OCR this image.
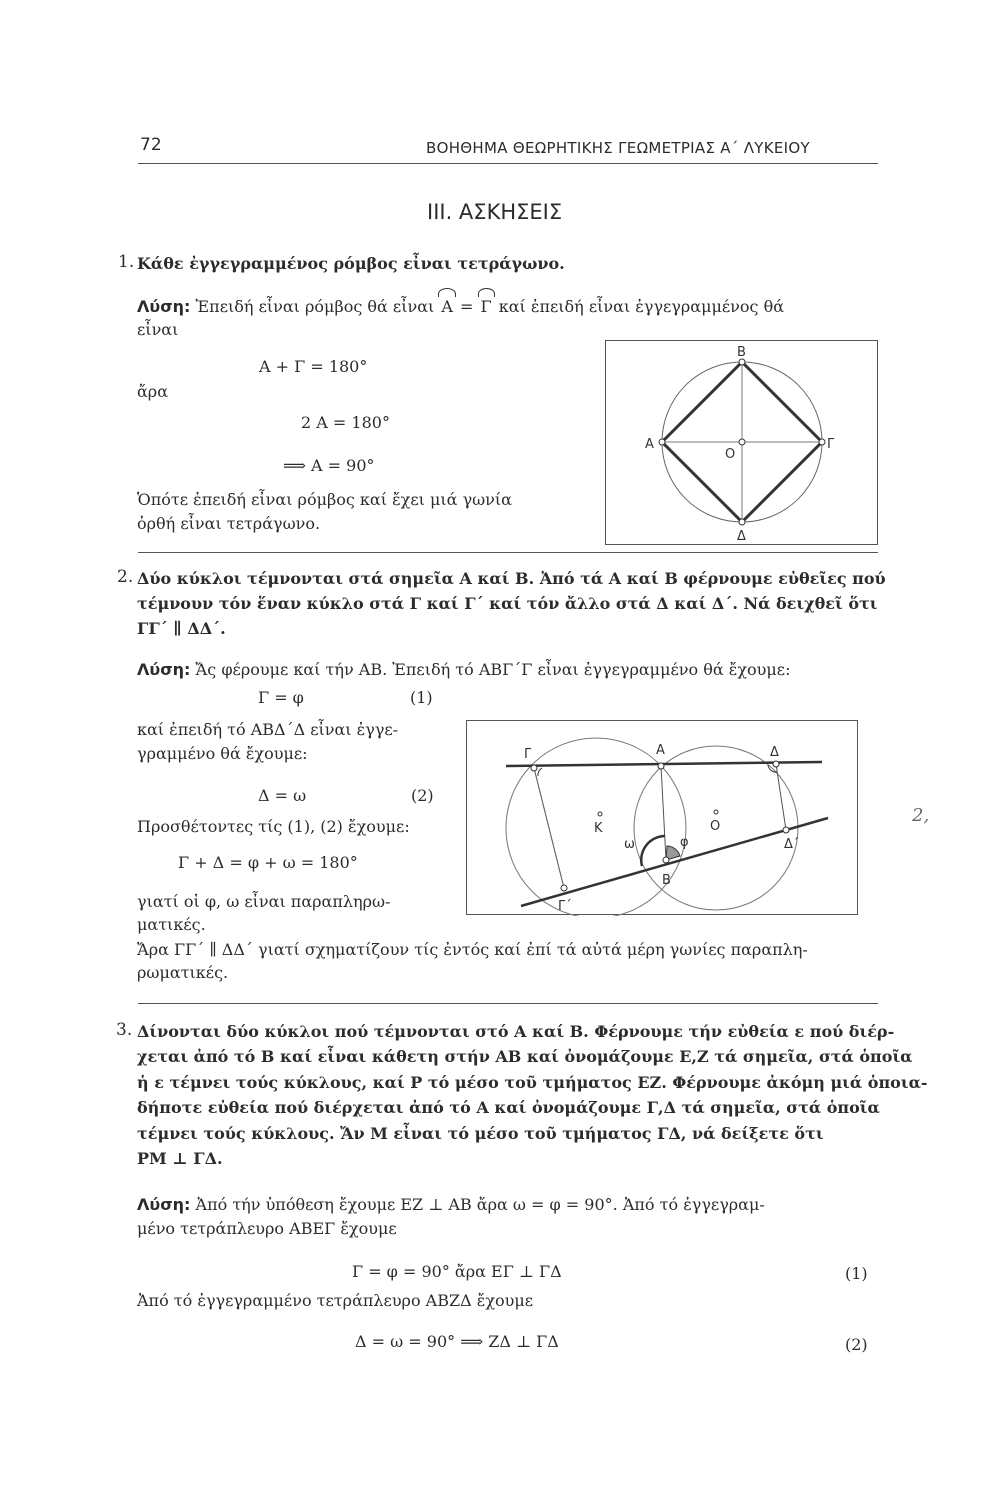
72	ΒΟΗΘΗΜΑ ΘΕΩΡΗΤΙΚΗΣ ΓΕΩΜΕΤΡΙΑΣ Α΄ ΛΥΚΕΙΟΥ
ΙΙΙ. ΑΣΚΗΣΕΙΣ
1. Κάθε ἐγγεγραμμένος ρόμβος εἶναι τετράγωνο.
Λύση: Ἐπειδή εἶναι ρόμβος θά εἶναι Α = Γ καί ἐπειδή εἶναι ἐγγεγραμμένος θά
εἶναι
Α + Γ = 180°
ἄρα
2 Α = 180°
⟹ Α = 90°
Ὁπότε ἐπειδή εἶναι ρόμβος καί ἔχει μιά γωνία
ὀρθή εἶναι τετράγωνο.
Β
Γ
Δ
Α
Ο
2. Δύο κύκλοι τέμνονται στά σημεῖα Α καί Β. Ἀπό τά Α καί Β φέρνουμε εὐθεῖες πού
τέμνουν τόν ἕναν κύκλο στά Γ καί Γ΄ καί τόν ἄλλο στά Δ καί Δ΄. Νά δειχθεῖ ὅτι
ΓΓ΄ ∥ ΔΔ΄.
Λύση: Ἄς φέρουμε καί τήν ΑΒ. Ἐπειδή τό ΑΒΓ΄Γ εἶναι ἐγγεγραμμένο θά ἔχουμε:
Γ = φ	(1)
καί ἐπειδή τό ΑΒΔ΄Δ εἶναι ἐγγε-
γραμμένο θά ἔχουμε:
Δ = ω	(2)
Προσθέτοντες τίς (1), (2) ἔχουμε:
Γ + Δ = φ + ω = 180°
γιατί οἱ φ, ω εἶναι παραπληρω-
ματικές.
Ἄρα ΓΓ΄ ∥ ΔΔ΄ γιατί σχηματίζουν τίς ἐντός καί ἐπί τά αὐτά μέρη γωνίες παραπλη-
ρωματικές.
Γ	Α	Δ
Κ	Ο
ω	φ
Β
Δ΄
Γ΄
2,
3. Δίνονται δύο κύκλοι πού τέμνονται στό Α καί Β. Φέρνουμε τήν εὐθεία ε πού διέρ-
χεται ἀπό τό Β καί εἶναι κάθετη στήν ΑΒ καί ὀνομάζουμε Ε,Ζ τά σημεῖα, στά ὁποῖα
ἡ ε τέμνει τούς κύκλους, καί Ρ τό μέσο τοῦ τμήματος ΕΖ. Φέρνουμε ἀκόμη μιά ὁποια-
δήποτε εὐθεία πού διέρχεται ἀπό τό Α καί ὀνομάζουμε Γ,Δ τά σημεῖα, στά ὁποῖα
τέμνει τούς κύκλους. Ἄν Μ εἶναι τό μέσο τοῦ τμήματος ΓΔ, νά δείξετε ὅτι
ΡΜ ⊥ ΓΔ.
Λύση: Ἀπό τήν ὑπόθεση ἔχουμε ΕΖ ⊥ ΑΒ ἄρα ω = φ = 90°. Ἀπό τό ἐγγεγραμ-
μένο τετράπλευρο ΑΒΕΓ ἔχουμε
Γ = φ = 90° ἄρα ΕΓ ⊥ ΓΔ	(1)
Ἀπό τό ἐγγεγραμμένο τετράπλευρο ΑΒΖΔ ἔχουμε
Δ = ω = 90° ⟹ ΖΔ ⊥ ΓΔ	(2)
